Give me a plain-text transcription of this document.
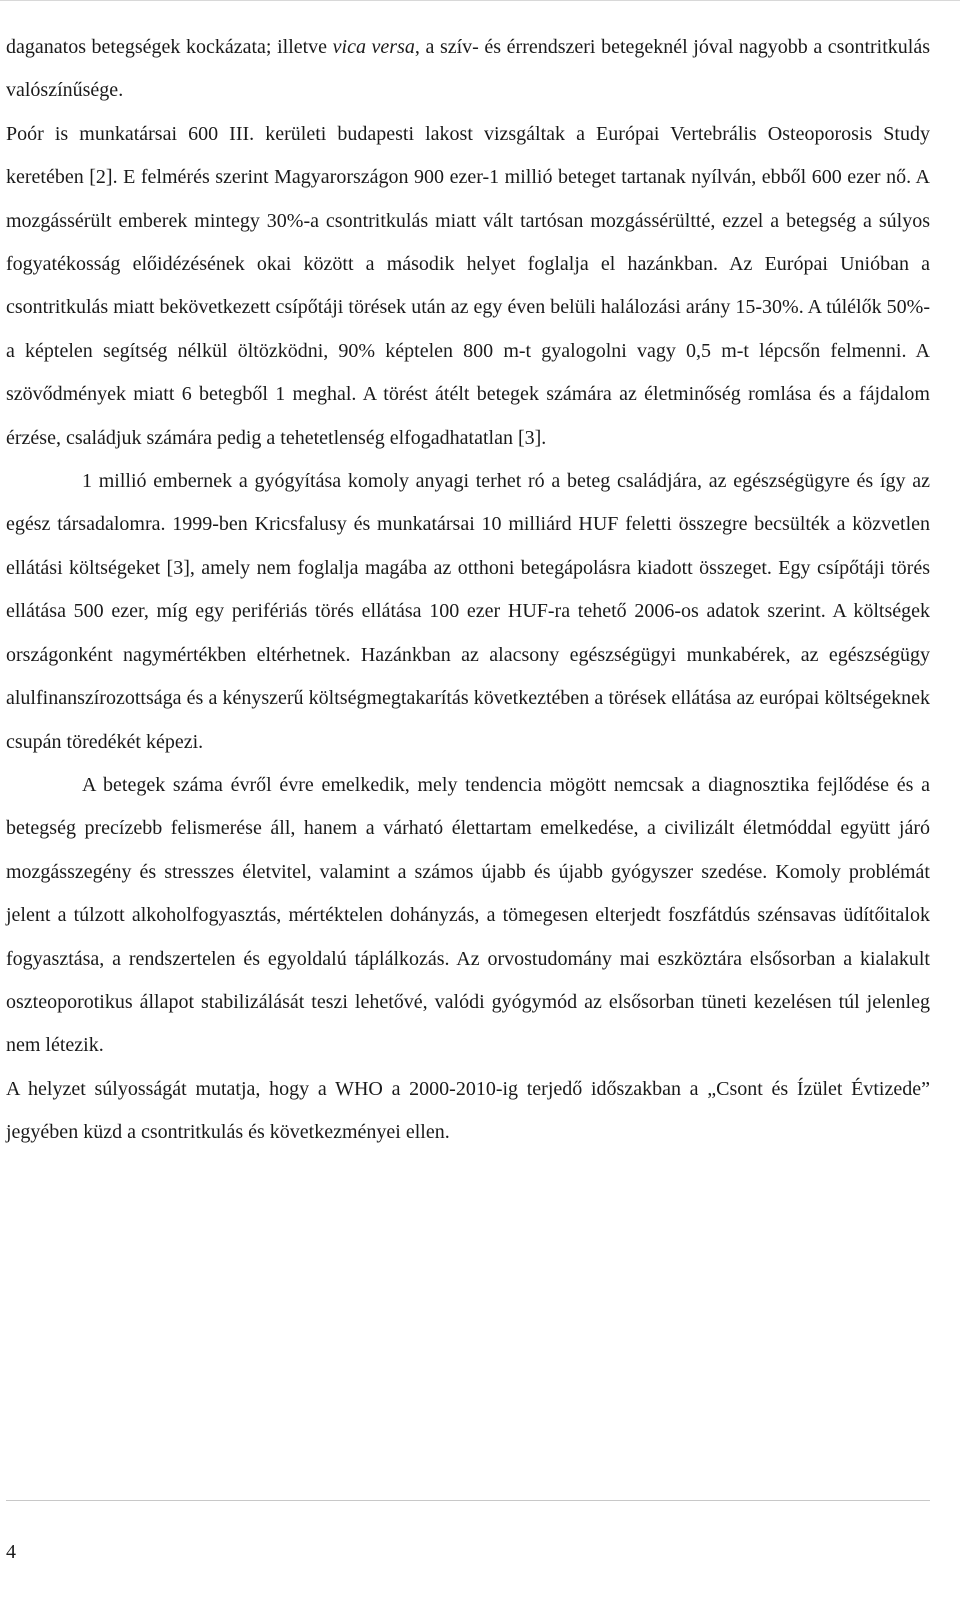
daganatos betegségek kockázata; illetve vica versa, a szív- és érrendszeri betegeknél jóval nagyobb a csontritkulás valószínűsége.

Poór is munkatársai 600 III. kerületi budapesti lakost vizsgáltak a Európai Vertebrális Osteoporosis Study keretében [2]. E felmérés szerint Magyarországon 900 ezer-1 millió beteget tartanak nyílván, ebből 600 ezer nő. A mozgássérült emberek mintegy 30%-a csontritkulás miatt vált tartósan mozgássérültté, ezzel a betegség a súlyos fogyatékosság előidézésének okai között a második helyet foglalja el hazánkban. Az Európai Unióban a csontritkulás miatt bekövetkezett csípőtáji törések után az egy éven belüli halálozási arány 15-30%. A túlélők 50%-a képtelen segítség nélkül öltözködni, 90% képtelen 800 m-t gyalogolni vagy 0,5 m-t lépcsőn felmenni. A szövődmények miatt 6 betegből 1 meghal. A törést átélt betegek számára az életminőség romlása és a fájdalom érzése, családjuk számára pedig a tehetetlenség elfogadhatatlan [3].

1 millió embernek a gyógyítása komoly anyagi terhet ró a beteg családjára, az egészségügyre és így az egész társadalomra. 1999-ben Kricsfalusy és munkatársai 10 milliárd HUF feletti összegre becsülték a közvetlen ellátási költségeket [3], amely nem foglalja magába az otthoni betegápolásra kiadott összeget. Egy csípőtáji törés ellátása 500 ezer, míg egy perifériás törés ellátása 100 ezer HUF-ra tehető 2006-os adatok szerint. A költségek országonként nagymértékben eltérhetnek. Hazánkban az alacsony egészségügyi munkabérek, az egészségügy alulfinanszírozottsága és a kényszerű költségmegtakarítás következtében a törések ellátása az európai költségeknek csupán töredékét képezi.

A betegek száma évről évre emelkedik, mely tendencia mögött nemcsak a diagnosztika fejlődése és a betegség precízebb felismerése áll, hanem a várható élettartam emelkedése, a civilizált életmóddal együtt járó mozgásszegény és stresszes életvitel, valamint a számos újabb és újabb gyógyszer szedése. Komoly problémát jelent a túlzott alkoholfogyasztás, mértéktelen dohányzás, a tömegesen elterjedt foszfátdús szénsavas üdítőitalok fogyasztása, a rendszertelen és egyoldalú táplálkozás. Az orvostudomány mai eszköztára elsősorban a kialakult oszteoporotikus állapot stabilizálását teszi lehetővé, valódi gyógymód az elsősorban tüneti kezelésen túl jelenleg nem létezik.

A helyzet súlyosságát mutatja, hogy a WHO a 2000-2010-ig terjedő időszakban a „Csont és Ízület Évtizede” jegyében küzd a csontritkulás és következményei ellen.

4
